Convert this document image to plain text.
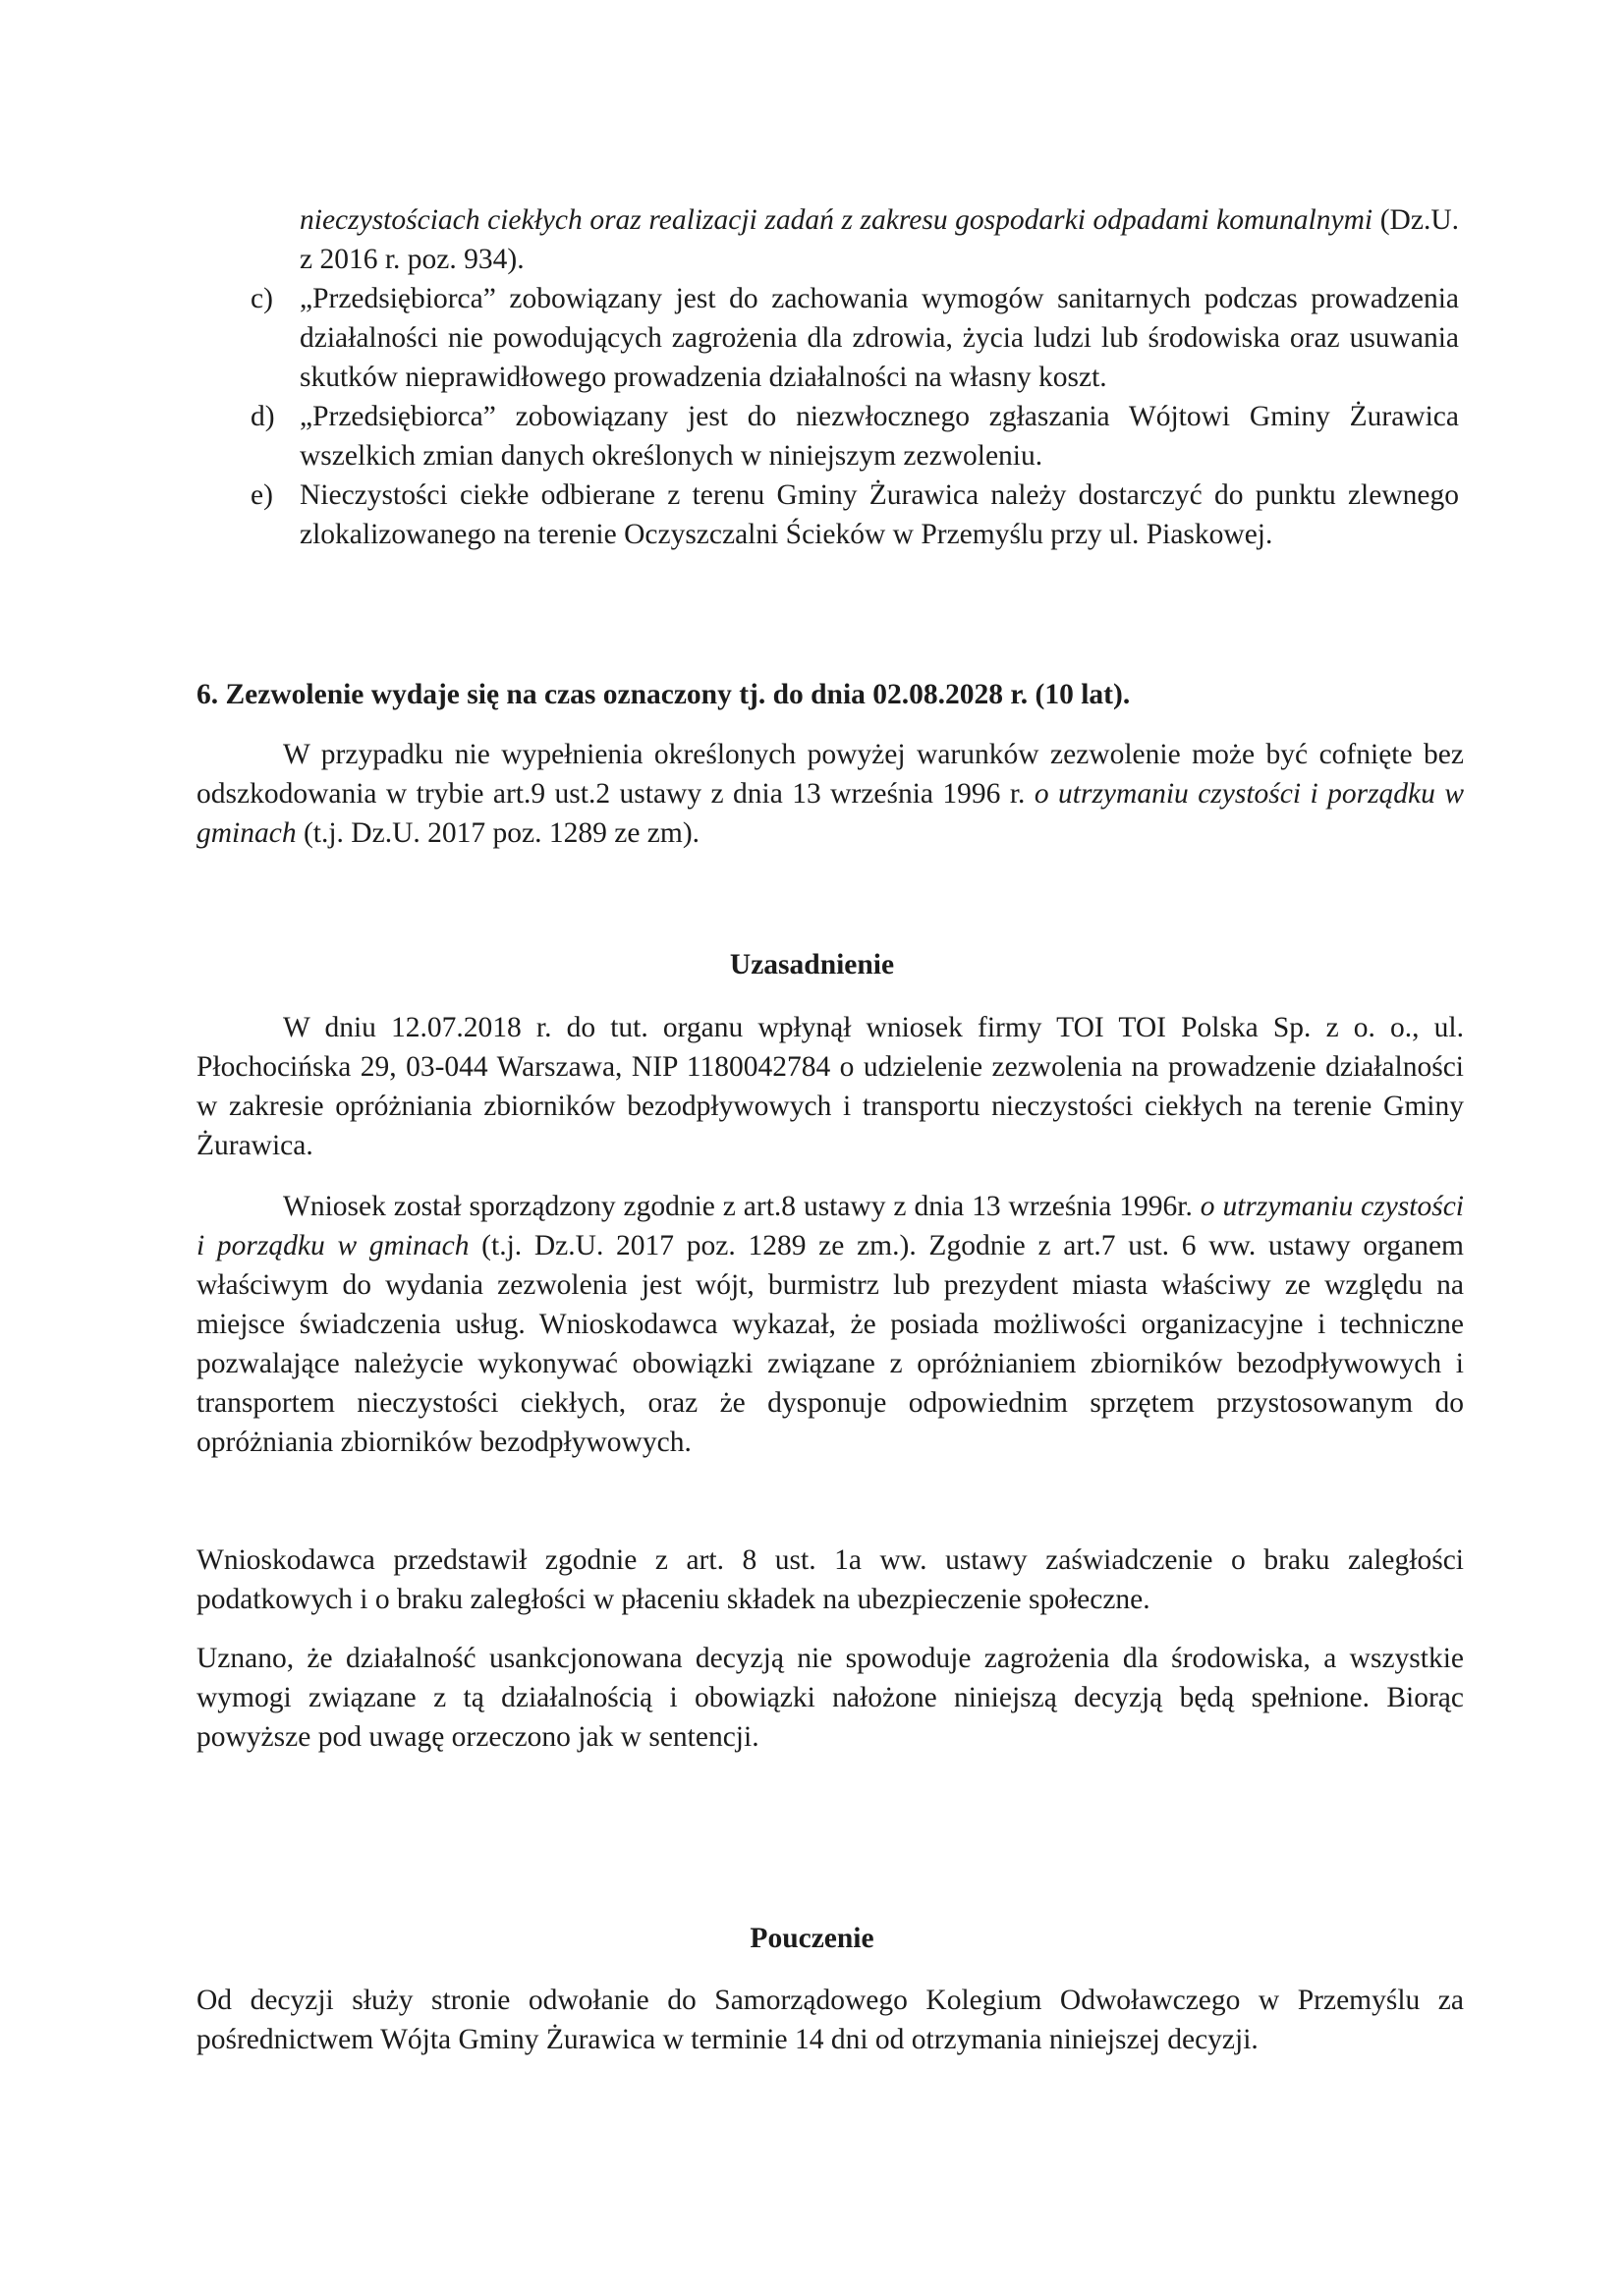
nieczystościach ciekłych oraz realizacji zadań z zakresu gospodarki odpadami komunalnymi (Dz.U. z 2016 r. poz. 934).
c) „Przedsiębiorca” zobowiązany jest do zachowania wymogów sanitarnych podczas prowadzenia działalności nie powodujących zagrożenia dla zdrowia, życia ludzi lub środowiska oraz usuwania skutków nieprawidłowego prowadzenia działalności na własny koszt.
d) „Przedsiębiorca” zobowiązany jest do niezwłocznego zgłaszania Wójtowi Gminy Żurawica wszelkich zmian danych określonych w niniejszym zezwoleniu.
e) Nieczystości ciekłe odbierane z terenu Gminy Żurawica należy dostarczyć do punktu zlewnego zlokalizowanego na terenie Oczyszczalni Ścieków w Przemyślu przy ul. Piaskowej.
6. Zezwolenie wydaje się na czas oznaczony tj. do dnia 02.08.2028 r. (10 lat).
W przypadku nie wypełnienia określonych powyżej warunków zezwolenie może być cofnięte bez odszkodowania w trybie art.9 ust.2 ustawy z dnia 13 września 1996 r. o utrzymaniu czystości i porządku w gminach (t.j. Dz.U. 2017 poz. 1289 ze zm).
Uzasadnienie
W dniu 12.07.2018 r. do tut. organu wpłynął wniosek firmy TOI TOI Polska Sp. z o. o., ul. Płochocińska 29, 03-044 Warszawa, NIP 1180042784 o udzielenie zezwolenia na prowadzenie działalności w zakresie opróżniania zbiorników bezodpływowych i transportu nieczystości ciekłych na terenie Gminy Żurawica.
Wniosek został sporządzony zgodnie z art.8 ustawy z dnia 13 września 1996r. o utrzymaniu czystości i porządku w gminach (t.j. Dz.U. 2017 poz. 1289 ze zm.). Zgodnie z art.7 ust. 6 ww. ustawy organem właściwym do wydania zezwolenia jest wójt, burmistrz lub prezydent miasta właściwy ze względu na miejsce świadczenia usług. Wnioskodawca wykazał, że posiada możliwości organizacyjne i techniczne pozwalające należycie wykonywać obowiązki związane z opróżnianiem zbiorników bezodpływowych i transportem nieczystości ciekłych, oraz że dysponuje odpowiednim sprzętem przystosowanym do opróżniania zbiorników bezodpływowych.
Wnioskodawca przedstawił zgodnie z art. 8 ust. 1a ww. ustawy zaświadczenie o braku zaległości podatkowych i o braku zaległości w płaceniu składek na ubezpieczenie społeczne.
Uznano, że działalność usankcjonowana decyzją nie spowoduje zagrożenia dla środowiska, a wszystkie wymogi związane z tą działalnością i obowiązki nałożone niniejszą decyzją będą spełnione. Biorąc powyższe pod uwagę orzeczono jak w sentencji.
Pouczenie
Od decyzji służy stronie odwołanie do Samorządowego Kolegium Odwoławczego w Przemyślu za pośrednictwem Wójta Gminy Żurawica w terminie 14 dni od otrzymania niniejszej decyzji.
